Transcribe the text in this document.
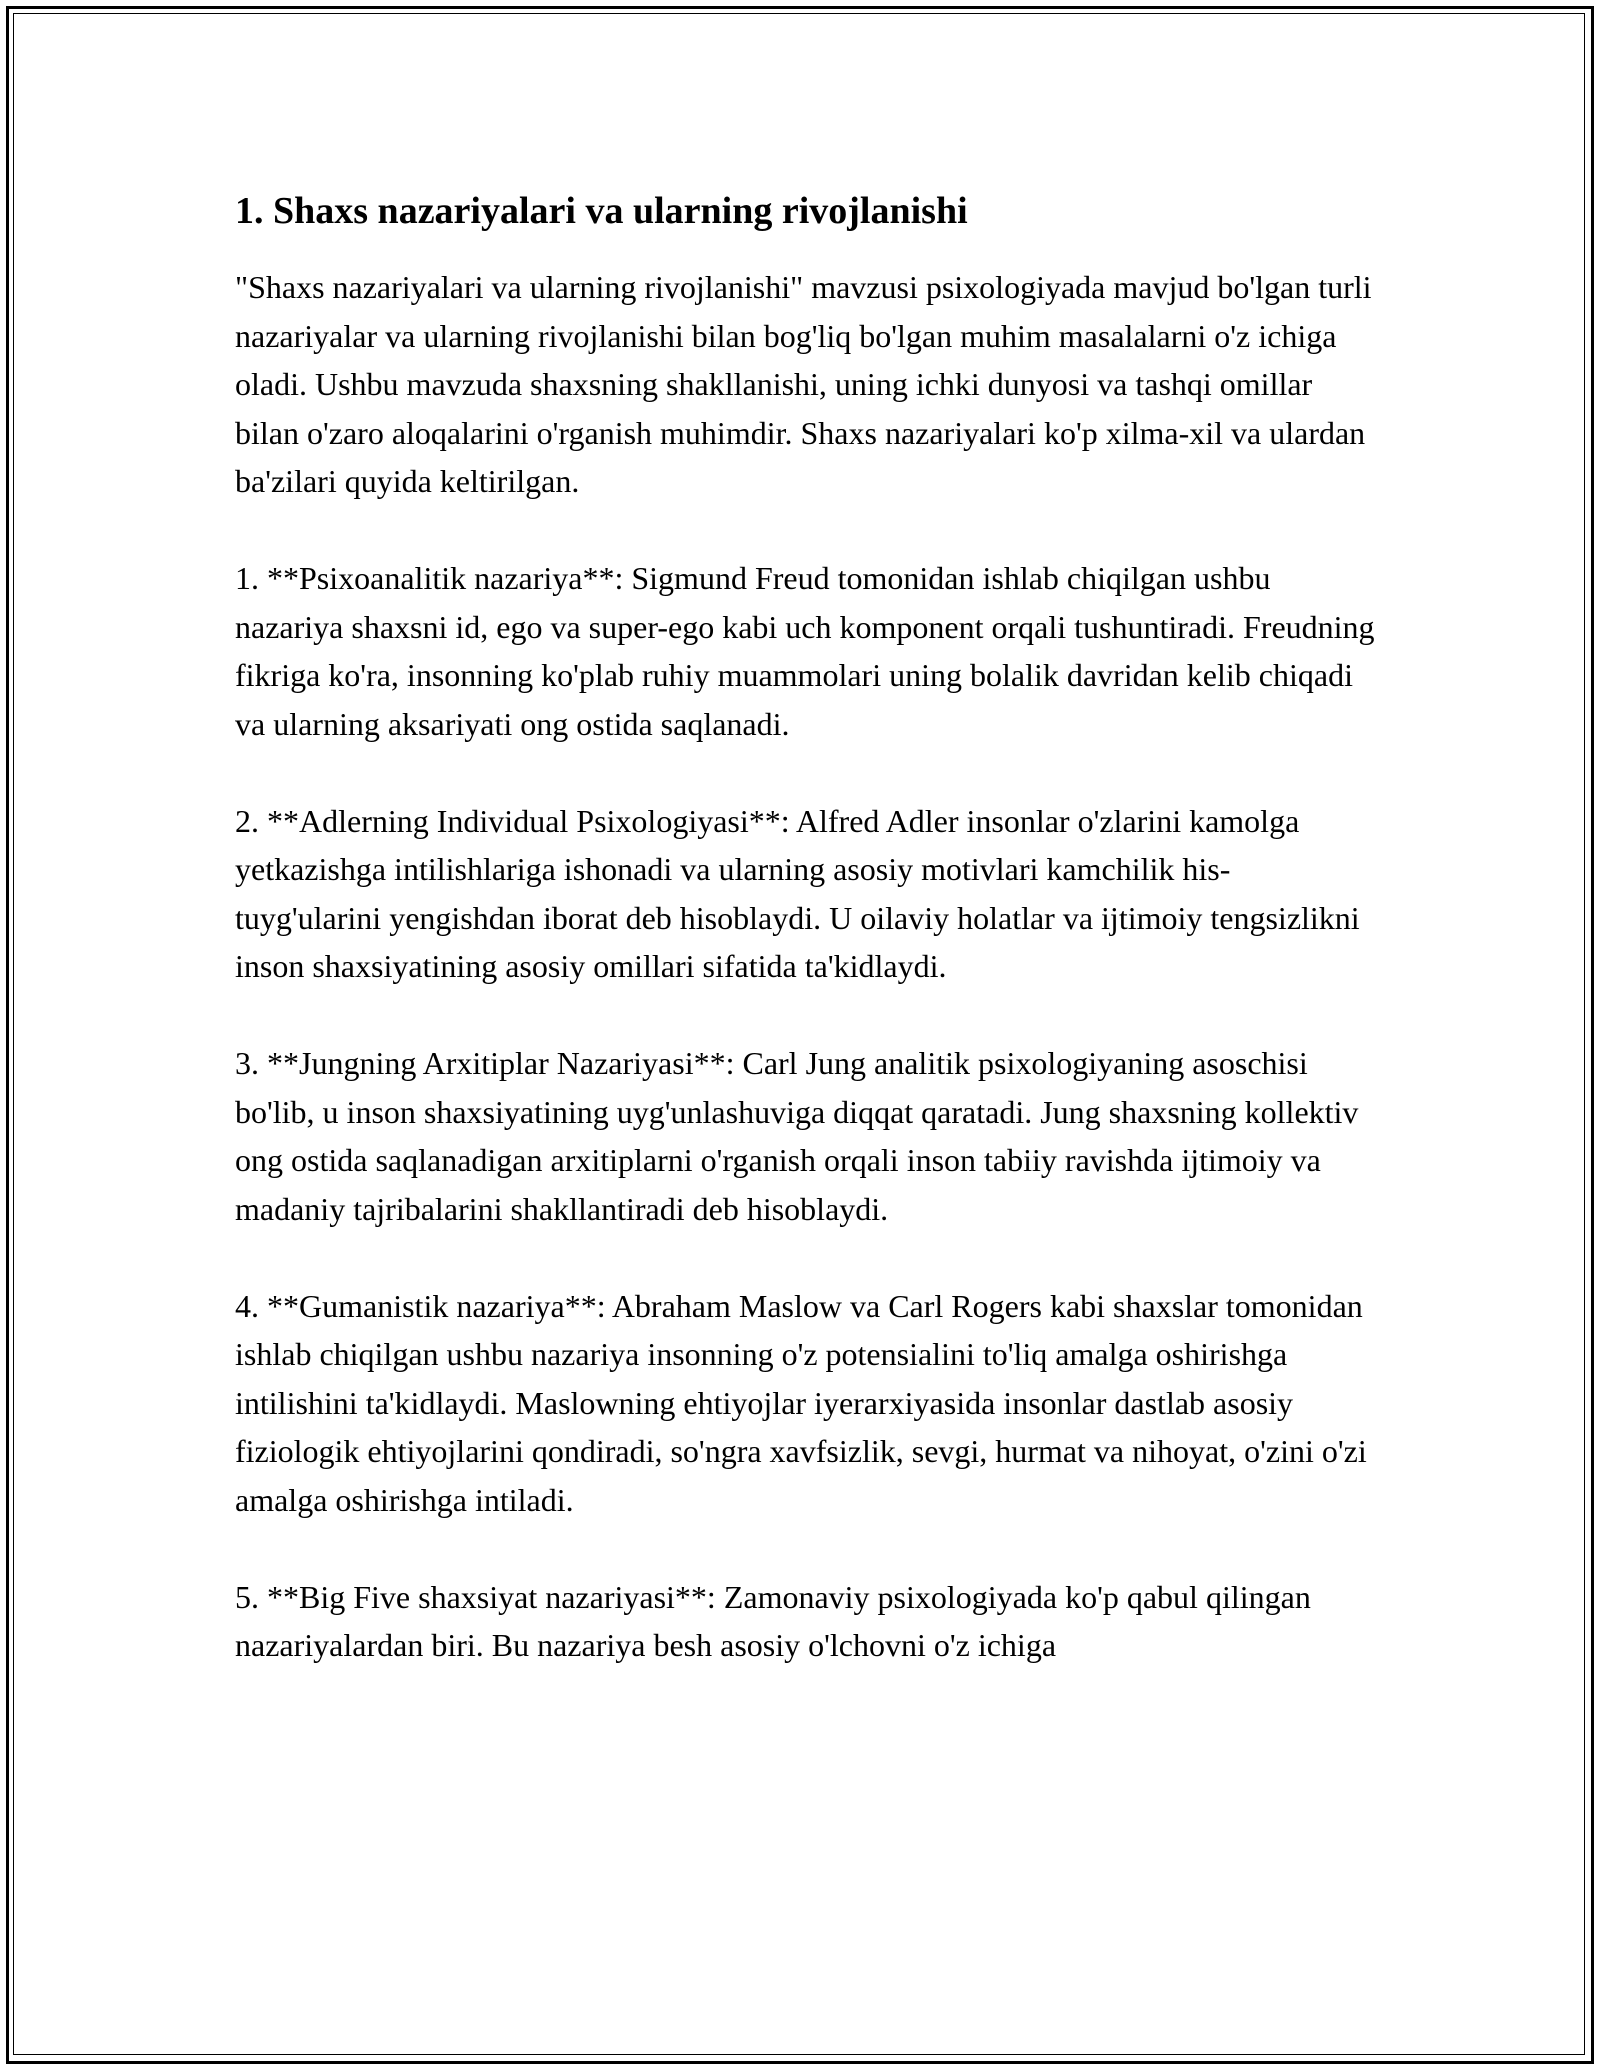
1. Shaxs nazariyalari va ularning rivojlanishi

"Shaxs nazariyalari va ularning rivojlanishi" mavzusi psixologiyada mavjud bo'lgan turli nazariyalar va ularning rivojlanishi bilan bog'liq bo'lgan muhim masalalarni o'z ichiga oladi. Ushbu mavzuda shaxsning shakllanishi, uning ichki dunyosi va tashqi omillar bilan o'zaro aloqalarini o'rganish muhimdir. Shaxs nazariyalari ko'p xilma-xil va ulardan ba'zilari quyida keltirilgan.

1. **Psixoanalitik nazariya**: Sigmund Freud tomonidan ishlab chiqilgan ushbu nazariya shaxsni id, ego va super-ego kabi uch komponent orqali tushuntiradi. Freudning fikriga ko'ra, insonning ko'plab ruhiy muammolari uning bolalik davridan kelib chiqadi va ularning aksariyati ong ostida saqlanadi.

2. **Adlerning Individual Psixologiyasi**: Alfred Adler insonlar o'zlarini kamolga yetkazishga intilishlariga ishonadi va ularning asosiy motivlari kamchilik his-tuyg'ularini yengishdan iborat deb hisoblaydi. U oilaviy holatlar va ijtimoiy tengsizlikni inson shaxsiyatining asosiy omillari sifatida ta'kidlaydi.

3. **Jungning Arxitiplar Nazariyasi**: Carl Jung analitik psixologiyaning asoschisi bo'lib, u inson shaxsiyatining uyg'unlashuviga diqqat qaratadi. Jung shaxsning kollektiv ong ostida saqlanadigan arxitiplarni o'rganish orqali inson tabiiy ravishda ijtimoiy va madaniy tajribalarini shakllantiradi deb hisoblaydi.

4. **Gumanistik nazariya**: Abraham Maslow va Carl Rogers kabi shaxslar tomonidan ishlab chiqilgan ushbu nazariya insonning o'z potensialini to'liq amalga oshirishga intilishini ta'kidlaydi. Maslowning ehtiyojlar iyerarxiyasida insonlar dastlab asosiy fiziologik ehtiyojlarini qondiradi, so'ngra xavfsizlik, sevgi, hurmat va nihoyat, o'zini o'zi amalga oshirishga intiladi.

5. **Big Five shaxsiyat nazariyasi**: Zamonaviy psixologiyada ko'p qabul qilingan nazariyalardan biri. Bu nazariya besh asosiy o'lchovni o'z ichiga
